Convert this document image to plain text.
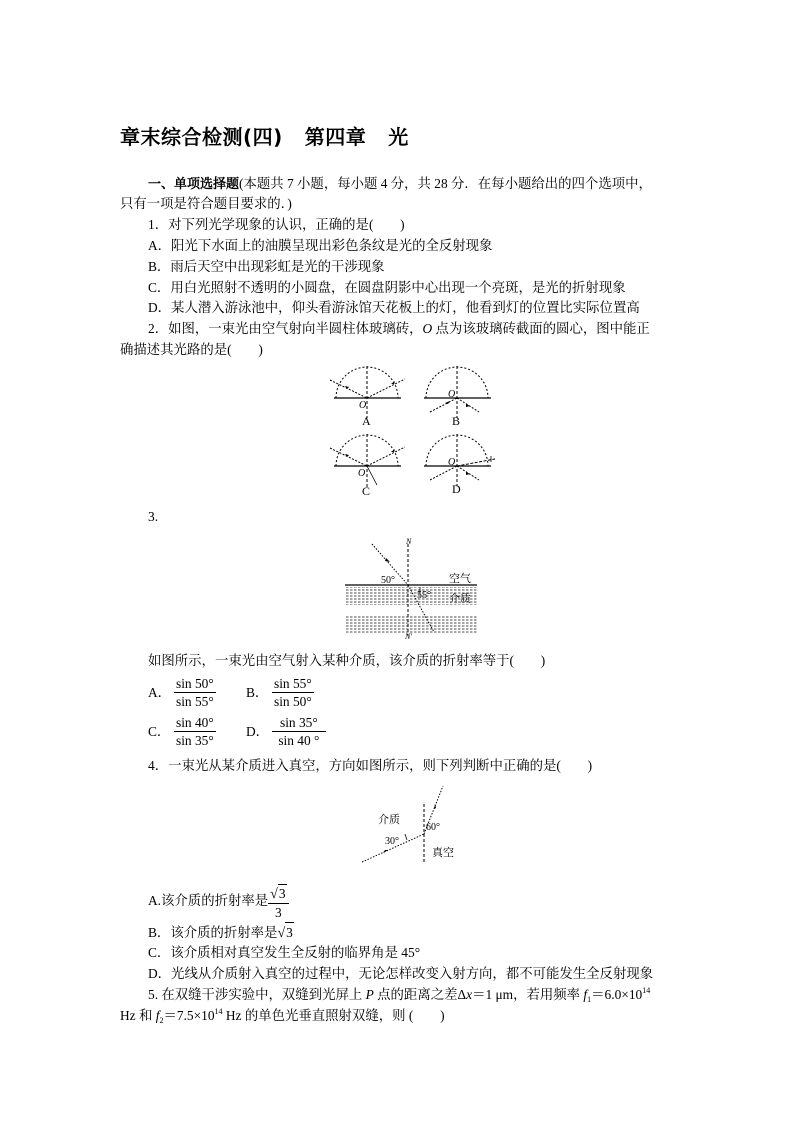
章末综合检测(四) 第四章 光
一、单项选择题(本题共 7 小题，每小题 4 分，共 28 分．在每小题给出的四个选项中，
只有一项是符合题目要求的．)
1．对下列光学现象的认识，正确的是(　　)
A．阳光下水面上的油膜呈现出彩色条纹是光的全反射现象
B．雨后天空中出现彩虹是光的干涉现象
C．用白光照射不透明的小圆盘，在圆盘阴影中心出现一个亮斑，是光的折射现象
D．某人潜入游泳池中，仰头看游泳馆天花板上的灯，他看到灯的位置比实际位置高
2．如图，一束光由空气射向半圆柱体玻璃砖，O 点为该玻璃砖截面的圆心，图中能正
确描述其光路的是(　　)
O
A
O
B
O
C
O
D
3.
N
N'
50°
55°
空气
介质
如图所示，一束光由空气射入某种介质，该介质的折射率等于(　　)
A． $\frac{\sin 50^\circ}{\sin 55^\circ}$ B． $\frac{\sin 55^\circ}{\sin 50^\circ}$
C． $\frac{\sin 40^\circ}{\sin 35^\circ}$ D． $\frac{\sin 35^\circ}{\sin 40 ^\circ}$
4．一束光从某介质进入真空，方向如图所示，则下列判断中正确的是(　　)
介质
60°
30°
真空
A.该介质的折射率是 $\frac{√3}{3}$
B．该介质的折射率是√3
C．该介质相对真空发生全反射的临界角是 45°
D．光线从介质射入真空的过程中，无论怎样改变入射方向，都不可能发生全反射现象
5. 在双缝干涉实验中，双缝到光屏上 P 点的距离之差Δx＝1 μm，若用频率 $f_1=6.0\times 10^{14}$
Hz 和 $f_2=7.5\times 10^{14}$ Hz 的单色光垂直照射双缝，则 (　　)
